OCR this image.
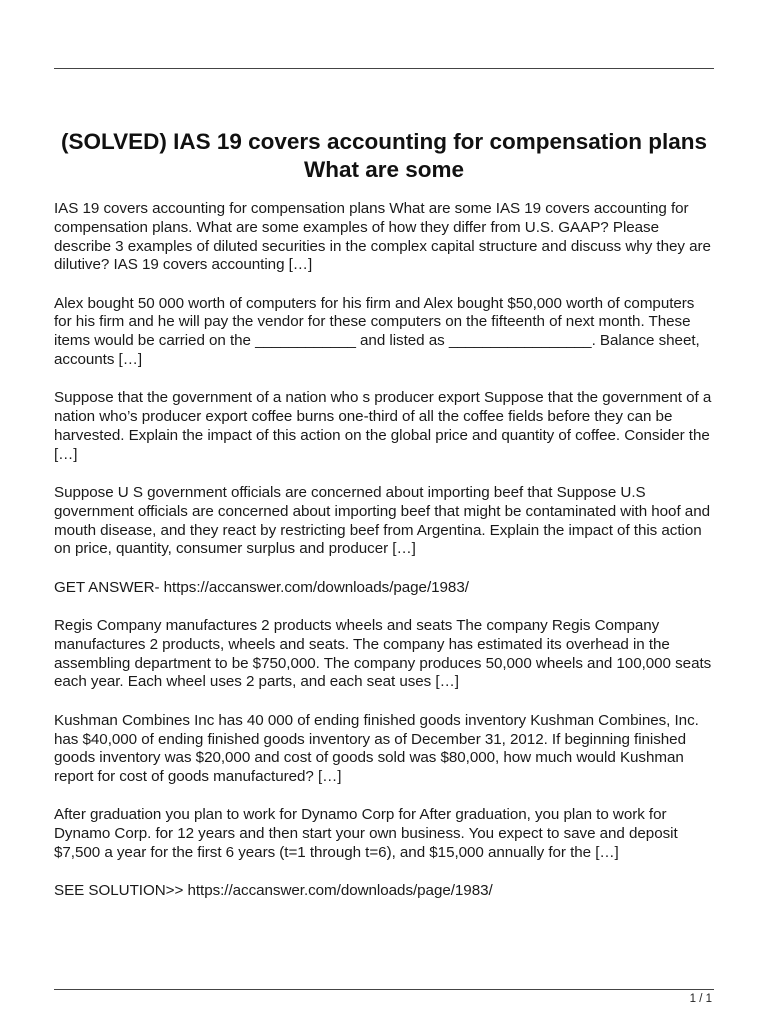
(SOLVED) IAS 19 covers accounting for compensation plans What are some

IAS 19 covers accounting for compensation plans What are some IAS 19 covers accounting for compensation plans. What are some examples of how they differ from U.S. GAAP? Please describe 3 examples of diluted securities in the complex capital structure and discuss why they are dilutive? IAS 19 covers accounting […]

Alex bought 50 000 worth of computers for his firm and Alex bought $50,000 worth of computers for his firm and he will pay the vendor for these computers on the fifteenth of next month. These items would be carried on the ____________ and listed as _________________. Balance sheet, accounts […]

Suppose that the government of a nation who s producer export Suppose that the government of a nation who’s producer export coffee burns one-third of all the coffee fields before they can be harvested. Explain the impact of this action on the global price and quantity of coffee. Consider the […]

Suppose U S government officials are concerned about importing beef that Suppose U.S government officials are concerned about importing beef that might be contaminated with hoof and mouth disease, and they react by restricting beef from Argentina. Explain the impact of this action on price, quantity, consumer surplus and producer […]

GET ANSWER- https://accanswer.com/downloads/page/1983/

Regis Company manufactures 2 products wheels and seats The company Regis Company manufactures 2 products, wheels and seats. The company has estimated its overhead in the assembling department to be $750,000. The company produces 50,000 wheels and 100,000 seats each year. Each wheel uses 2 parts, and each seat uses […]

Kushman Combines Inc has 40 000 of ending finished goods inventory Kushman Combines, Inc. has $40,000 of ending finished goods inventory as of December 31, 2012. If beginning finished goods inventory was $20,000 and cost of goods sold was $80,000, how much would Kushman report for cost of goods manufactured? […]

After graduation you plan to work for Dynamo Corp for After graduation, you plan to work for Dynamo Corp. for 12 years and then start your own business. You expect to save and deposit $7,500 a year for the first 6 years (t=1 through t=6), and $15,000 annually for the […]

SEE SOLUTION>> https://accanswer.com/downloads/page/1983/

1 / 1
